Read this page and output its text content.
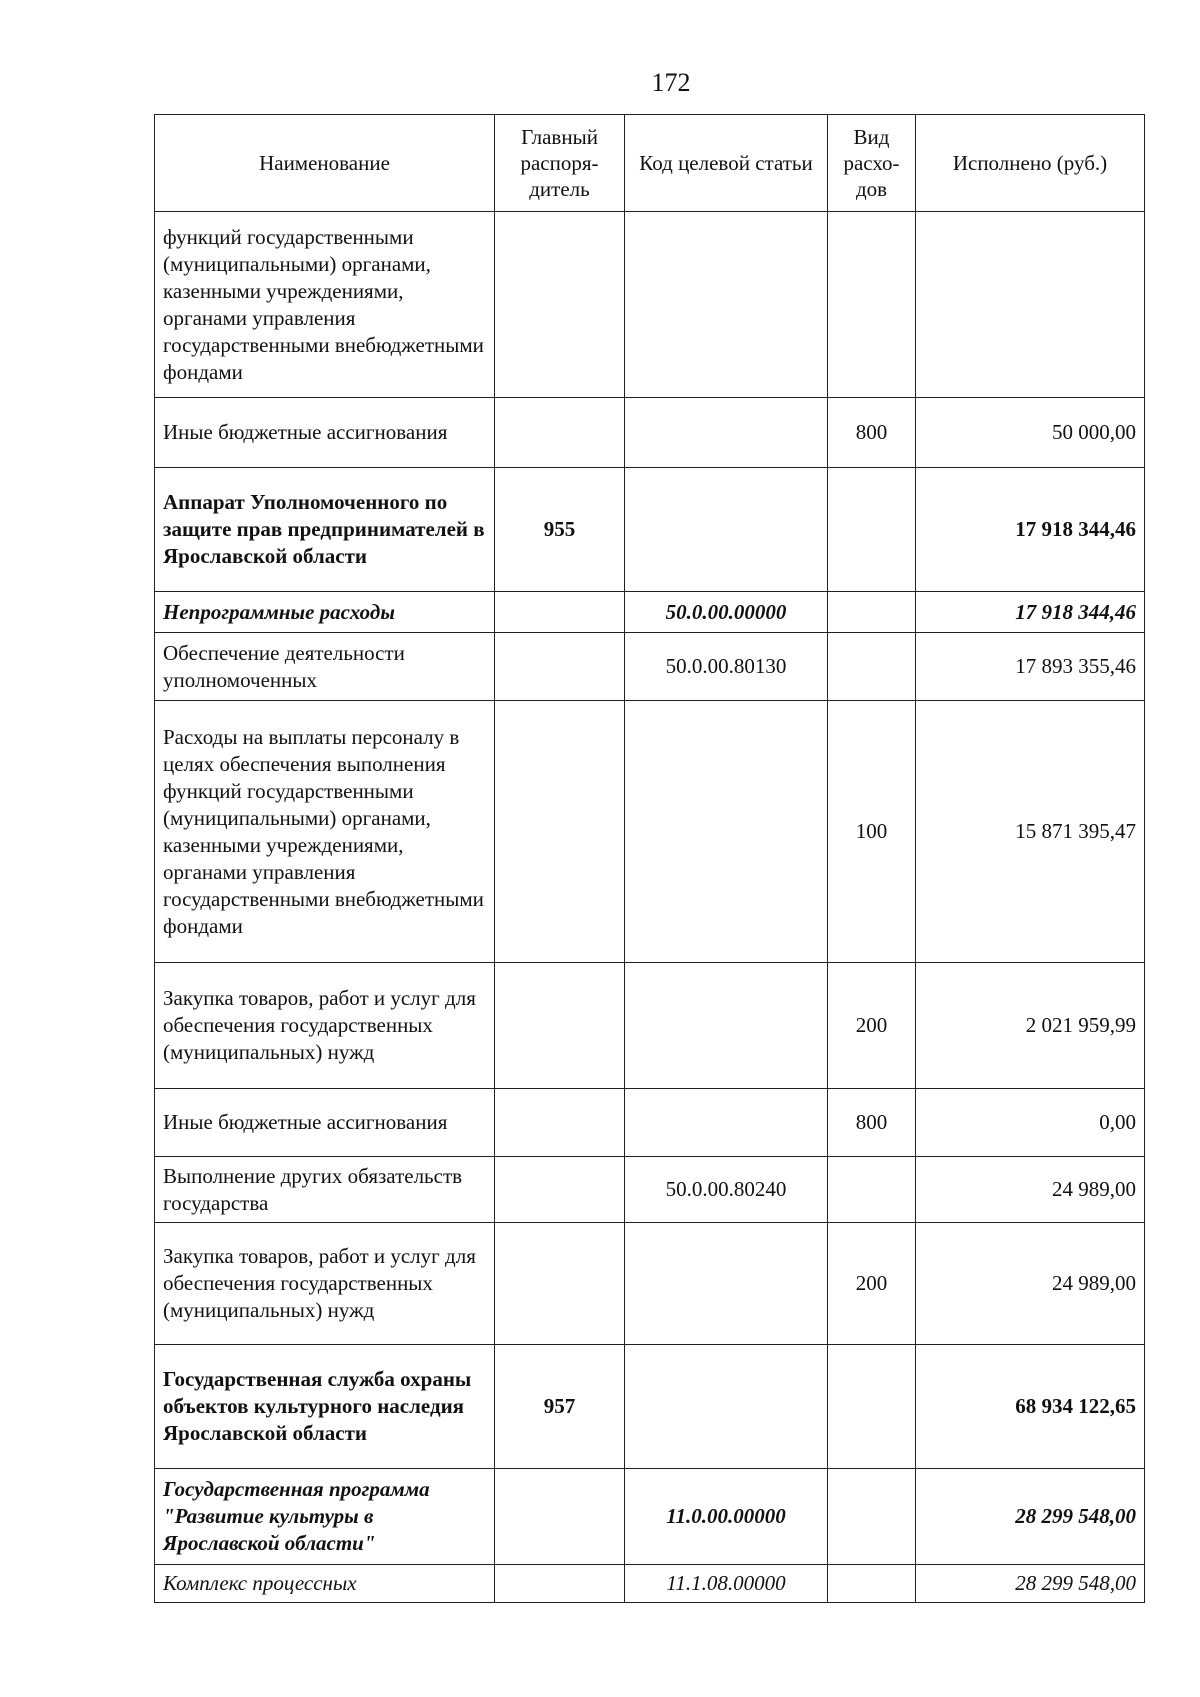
172
Наименование	Главный распоря- дитель	Код целевой статьи	Вид расхо- дов	Исполнено (руб.)
функций государственными (муниципальными) органами, казенными учреждениями, органами управления государственными внебюджетными фондами				
Иные бюджетные ассигнования			800	50 000,00
Аппарат Уполномоченного по защите прав предпринимателей в Ярославской области	955			17 918 344,46
Непрограммные расходы		50.0.00.00000		17 918 344,46
Обеспечение деятельности уполномоченных		50.0.00.80130		17 893 355,46
Расходы на выплаты персоналу в целях обеспечения выполнения функций государственными (муниципальными) органами, казенными учреждениями, органами управления государственными внебюджетными фондами			100	15 871 395,47
Закупка товаров, работ и услуг для обеспечения государственных (муниципальных) нужд			200	2 021 959,99
Иные бюджетные ассигнования			800	0,00
Выполнение других обязательств государства		50.0.00.80240		24 989,00
Закупка товаров, работ и услуг для обеспечения государственных (муниципальных) нужд			200	24 989,00
Государственная служба охраны объектов культурного наследия Ярославской области	957			68 934 122,65
Государственная программа "Развитие культуры в Ярославской области"		11.0.00.00000		28 299 548,00
Комплекс процессных		11.1.08.00000		28 299 548,00
